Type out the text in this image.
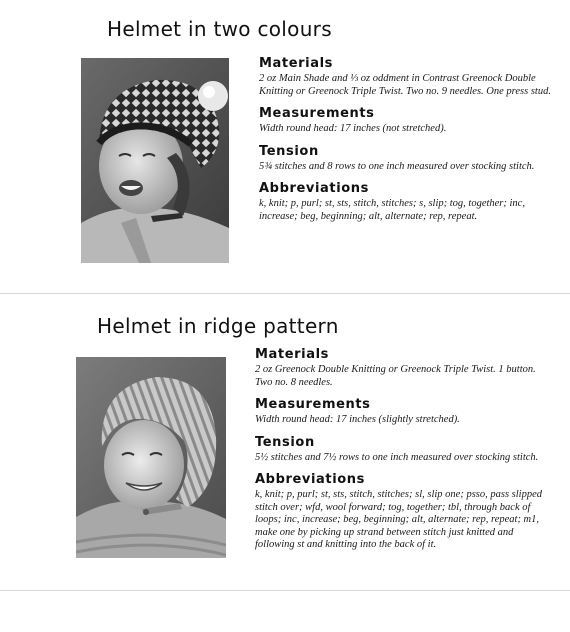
Helmet in two colours
Materials
2 oz Main Shade and ⅓ oz oddment in Contrast Greenock Double Knitting or Greenock Triple Twist. Two no. 9 needles. One press stud.
Measurements
Width round head: 17 inches (not stretched).
Tension
5¾ stitches and 8 rows to one inch measured over stocking stitch.
Abbreviations
k, knit; p, purl; st, sts, stitch, stitches; s, slip; tog, together; inc, increase; beg, beginning; alt, alternate; rep, repeat.
Helmet in ridge pattern
Materials
2 oz Greenock Double Knitting or Greenock Triple Twist. 1 button. Two no. 8 needles.
Measurements
Width round head: 17 inches (slightly stretched).
Tension
5½ stitches and 7½ rows to one inch measured over stocking stitch.
Abbreviations
k, knit; p, purl; st, sts, stitch, stitches; sl, slip one; psso, pass slipped stitch over; wfd, wool forward; tog, together; tbl, through back of loops; inc, increase; beg, beginning; alt, alternate; rep, repeat; m1, make one by picking up strand between stitch just knitted and following st and knitting into the back of it.
